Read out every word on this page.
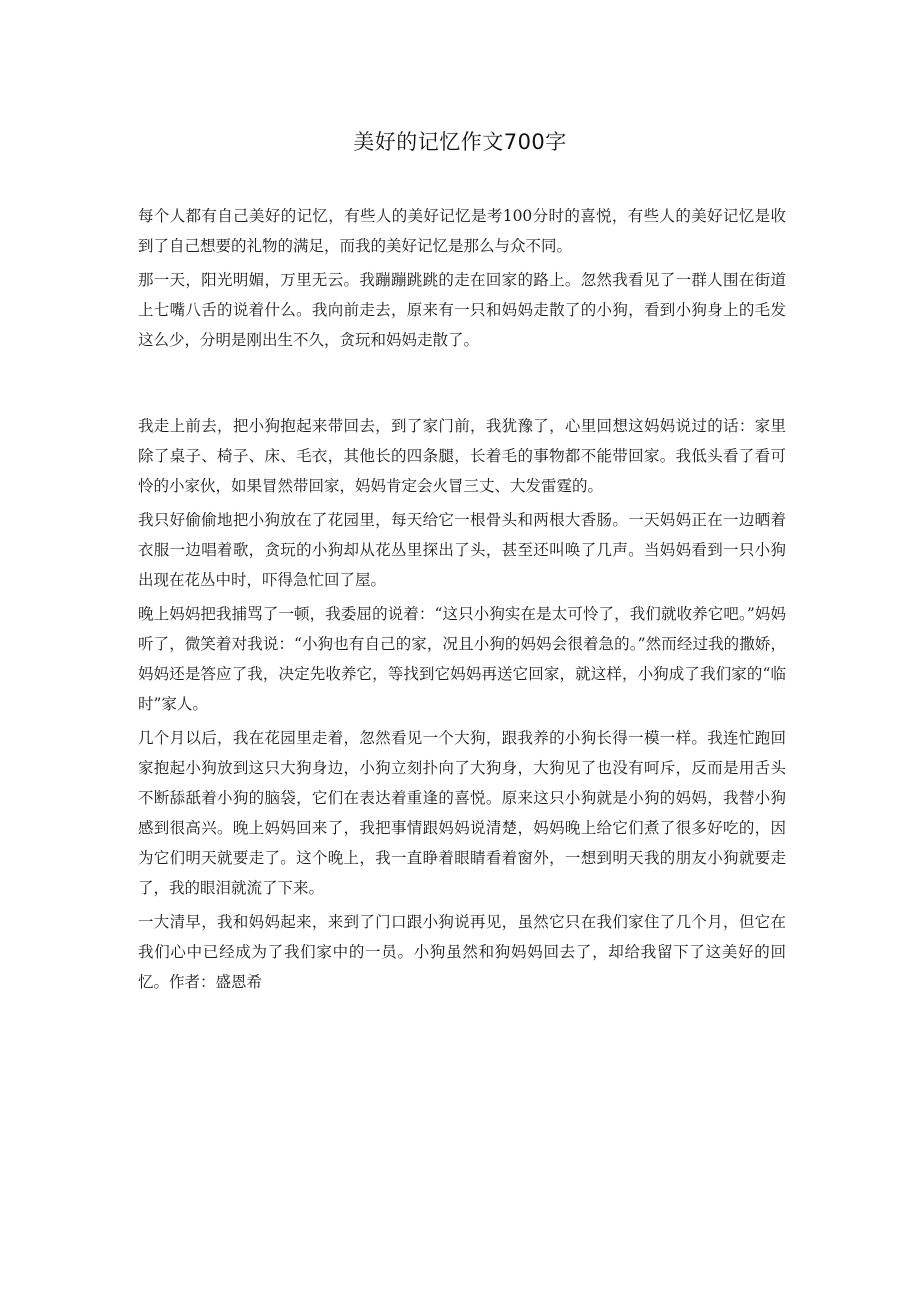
美好的记忆作文700字

每个人都有自己美好的记忆，有些人的美好记忆是考100分时的喜悦，有些人的美好记忆是收到了自己想要的礼物的满足，而我的美好记忆是那么与众不同。

那一天，阳光明媚，万里无云。我蹦蹦跳跳的走在回家的路上。忽然我看见了一群人围在街道上七嘴八舌的说着什么。我向前走去，原来有一只和妈妈走散了的小狗，看到小狗身上的毛发这么少，分明是刚出生不久，贪玩和妈妈走散了。

我走上前去，把小狗抱起来带回去，到了家门前，我犹豫了，心里回想这妈妈说过的话：家里除了桌子、椅子、床、毛衣，其他长的四条腿，长着毛的事物都不能带回家。我低头看了看可怜的小家伙，如果冒然带回家，妈妈肯定会火冒三丈、大发雷霆的。

我只好偷偷地把小狗放在了花园里，每天给它一根骨头和两根大香肠。一天妈妈正在一边晒着衣服一边唱着歌，贪玩的小狗却从花丛里探出了头，甚至还叫唤了几声。当妈妈看到一只小狗出现在花丛中时，吓得急忙回了屋。

晚上妈妈把我捕骂了一顿，我委屈的说着：“这只小狗实在是太可怜了，我们就收养它吧。”妈妈听了，微笑着对我说：“小狗也有自己的家，况且小狗的妈妈会很着急的。”然而经过我的撒娇，妈妈还是答应了我，决定先收养它，等找到它妈妈再送它回家，就这样，小狗成了我们家的“临时”家人。

几个月以后，我在花园里走着，忽然看见一个大狗，跟我养的小狗长得一模一样。我连忙跑回家抱起小狗放到这只大狗身边，小狗立刻扑向了大狗身，大狗见了也没有呵斥，反而是用舌头不断舔舐着小狗的脑袋，它们在表达着重逢的喜悦。原来这只小狗就是小狗的妈妈，我替小狗感到很高兴。晚上妈妈回来了，我把事情跟妈妈说清楚，妈妈晚上给它们煮了很多好吃的，因为它们明天就要走了。这个晚上，我一直睁着眼睛看着窗外，一想到明天我的朋友小狗就要走了，我的眼泪就流了下来。

一大清早，我和妈妈起来，来到了门口跟小狗说再见，虽然它只在我们家住了几个月，但它在我们心中已经成为了我们家中的一员。小狗虽然和狗妈妈回去了，却给我留下了这美好的回忆。作者：盛恩希
